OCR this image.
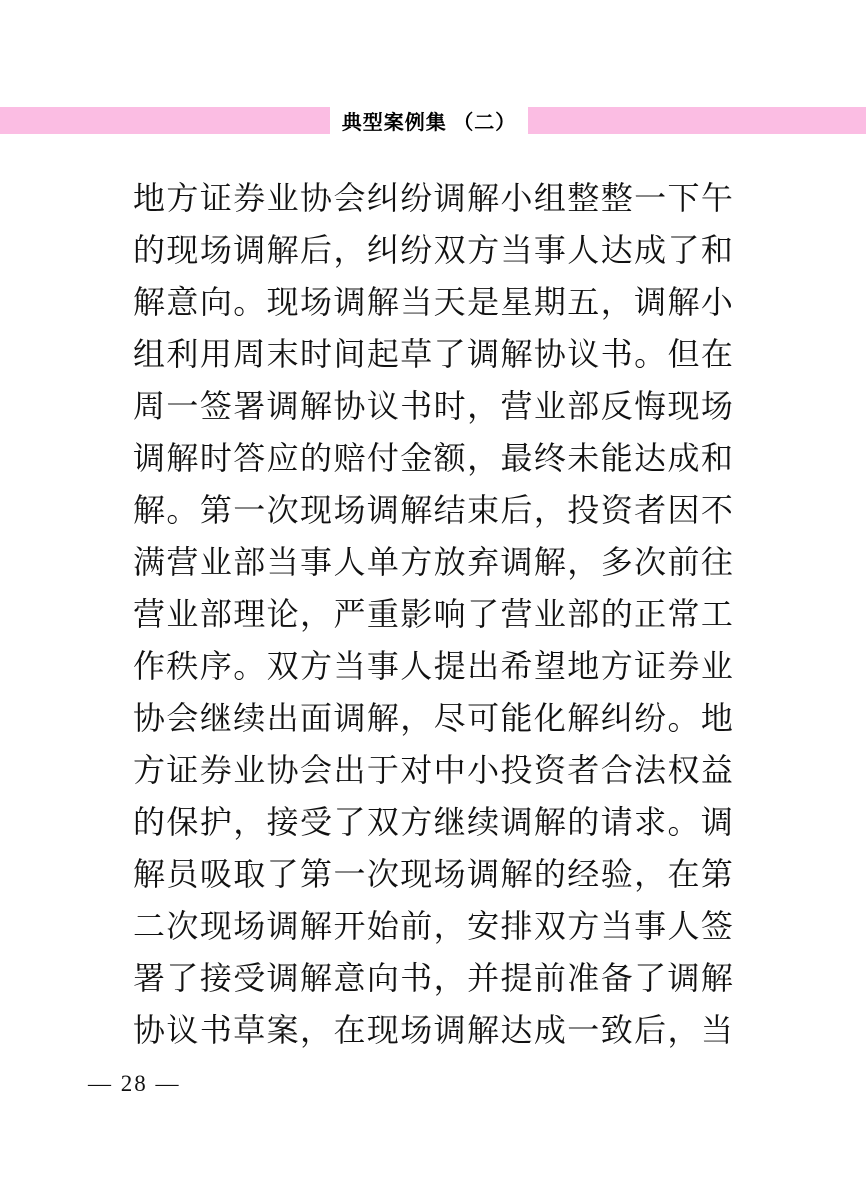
典型案例集 （二）
地 方 证 券 业 协 会 纠 纷 调 解 小 组 整 整 一 下 午
的 现 场 调 解 后 ， 纠 纷 双 方 当 事 人 达 成 了 和
解 意 向 。 现 场 调 解 当 天 是 星 期 五 ， 调 解 小
组 利 用 周 末 时 间 起 草 了 调 解 协 议 书 。 但 在
周 一 签 署 调 解 协 议 书 时 ， 营 业 部 反 悔 现 场
调 解 时 答 应 的 赔 付 金 额 ， 最 终 未 能 达 成 和
解 。 第 一 次 现 场 调 解 结 束 后 ， 投 资 者 因 不
满 营 业 部 当 事 人 单 方 放 弃 调 解 ， 多 次 前 往
营 业 部 理 论 ， 严 重 影 响 了 营 业 部 的 正 常 工
作 秩 序 。 双 方 当 事 人 提 出 希 望 地 方 证 券 业
协 会 继 续 出 面 调 解 ， 尽 可 能 化 解 纠 纷 。 地
方 证 券 业 协 会 出 于 对 中 小 投 资 者 合 法 权 益
的 保 护 ， 接 受 了 双 方 继 续 调 解 的 请 求 。 调
解 员 吸 取 了 第 一 次 现 场 调 解 的 经 验 ， 在 第
二 次 现 场 调 解 开 始 前 ， 安 排 双 方 当 事 人 签
署 了 接 受 调 解 意 向 书 ， 并 提 前 准 备 了 调 解
协 议 书 草 案 ， 在 现 场 调 解 达 成 一 致 后 ， 当
— 28 —
